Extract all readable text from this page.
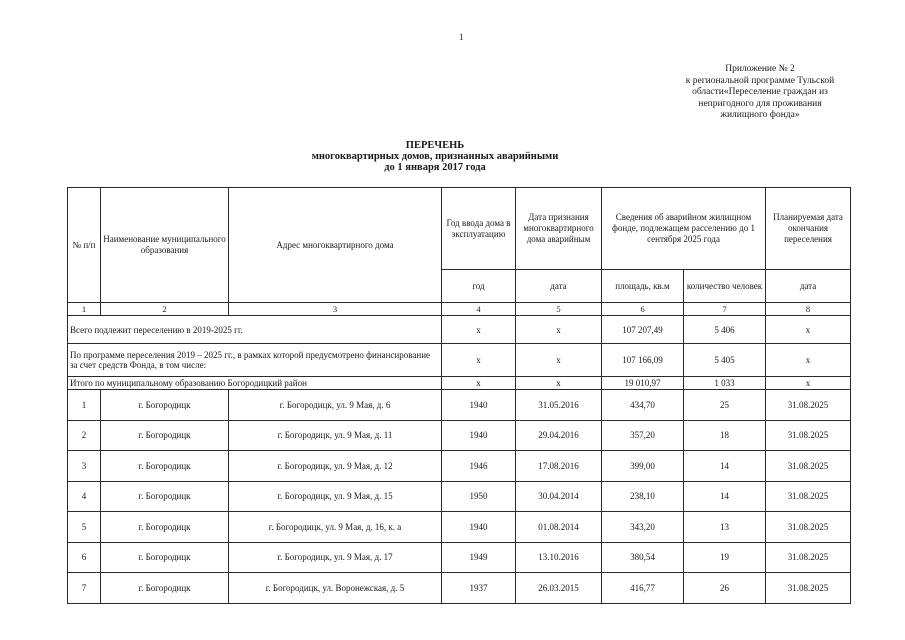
1
Приложение № 2
к региональной программе Тульской
области«Переселение граждан из
непригодного для проживания
жилищного фонда»
ПЕРЕЧЕНЬ
многоквартирных домов, признанных аварийными
до 1 января 2017 года
№ п/п	Наименование муниципального образования	Адрес многоквартирного дома	Год ввода дома в эксплуатацию	Дата признания многоквартирного дома аварийным	Сведения об аварийном жилищном фонде, подлежащем расселению до 1 сентября 2025 года		Планируемая дата окончания переселения
			год	дата	площадь, кв.м	количество человек	дата
1	2	3	4	5	6	7	8
Всего подлежит переселению в 2019-2025 гг.			х	х	107 207,49	5 406	х
По программе переселения 2019 – 2025 гг., в рамках которой предусмотрено финансирование за счет средств Фонда, в том числе:			х	х	107 166,09	5 405	х
Итого по муниципальному образованию Богородицкий район			х	х	19 010,97	1 033	х
1	г. Богородицк	г. Богородицк, ул. 9 Мая, д. 6	1940	31.05.2016	434,70	25	31.08.2025
2	г. Богородицк	г. Богородицк, ул. 9 Мая, д. 11	1940	29.04.2016	357,20	18	31.08.2025
3	г. Богородицк	г. Богородицк, ул. 9 Мая, д. 12	1946	17.08.2016	399,00	14	31.08.2025
4	г. Богородицк	г. Богородицк, ул. 9 Мая, д. 15	1950	30.04.2014	238,10	14	31.08.2025
5	г. Богородицк	г. Богородицк, ул. 9 Мая, д. 16, к. а	1940	01.08.2014	343,20	13	31.08.2025
6	г. Богородицк	г. Богородицк, ул. 9 Мая, д. 17	1949	13.10.2016	380,54	19	31.08.2025
7	г. Богородицк	г. Богородицк, ул. Воронежская, д. 5	1937	26.03.2015	416,77	26	31.08.2025
